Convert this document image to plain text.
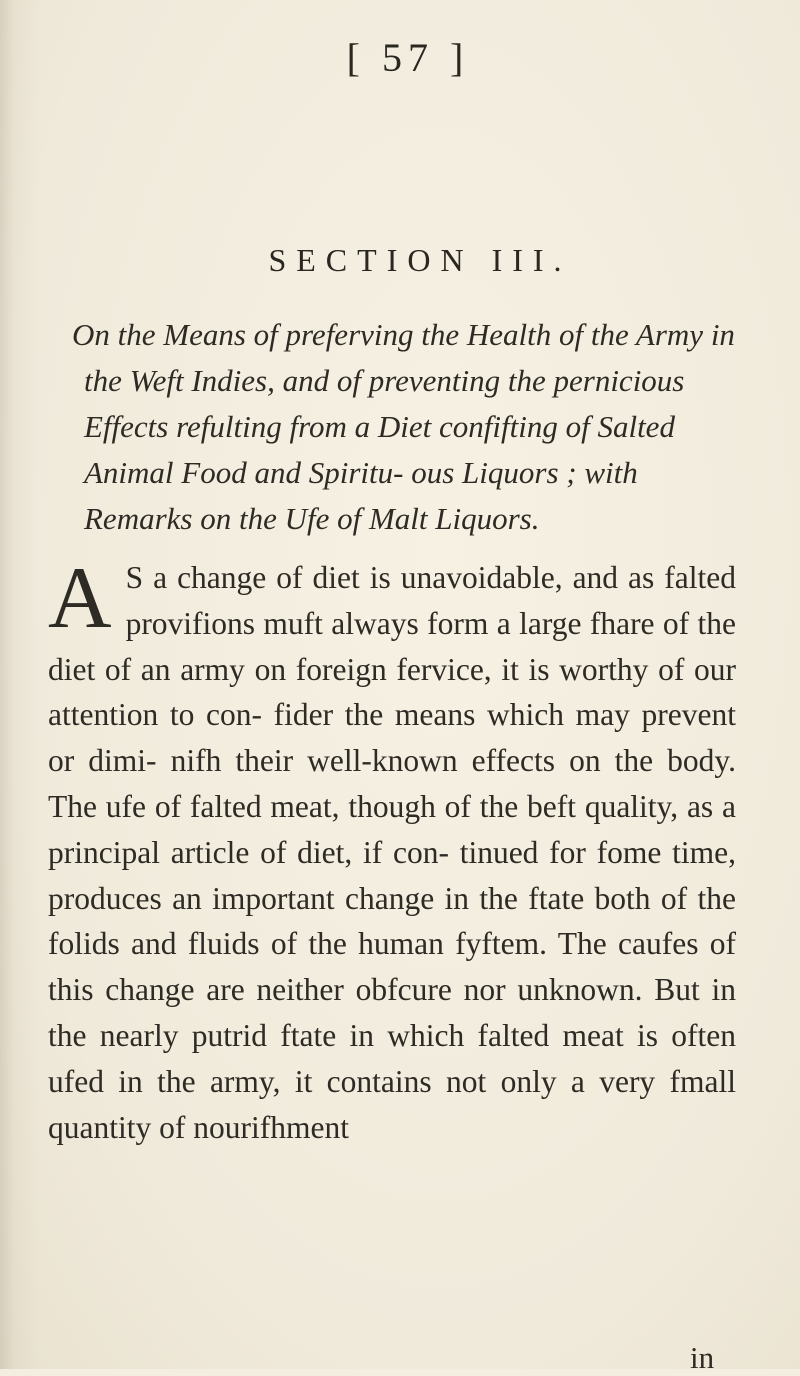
[ 57 ]
SECTION III.
On the Means of preferving the Health of the Army in the Weft Indies, and of preventing the pernicious Effects refulting from a Diet confifting of Salted Animal Food and Spiritu- ous Liquors ; with Remarks on the Ufe of Malt Liquors.
A S a change of diet is unavoidable, and as falted provifions muft always form a large fhare of the diet of an army on foreign fervice, it is worthy of our attention to con- fider the means which may prevent or dimi- nifh their well-known effects on the body. The ufe of falted meat, though of the beft quality, as a principal article of diet, if con- tinued for fome time, produces an important change in the ftate both of the folids and fluids of the human fyftem. The caufes of this change are neither obfcure nor unknown. But in the nearly putrid ftate in which falted meat is often ufed in the army, it contains not only a very fmall quantity of nourifhment
in
